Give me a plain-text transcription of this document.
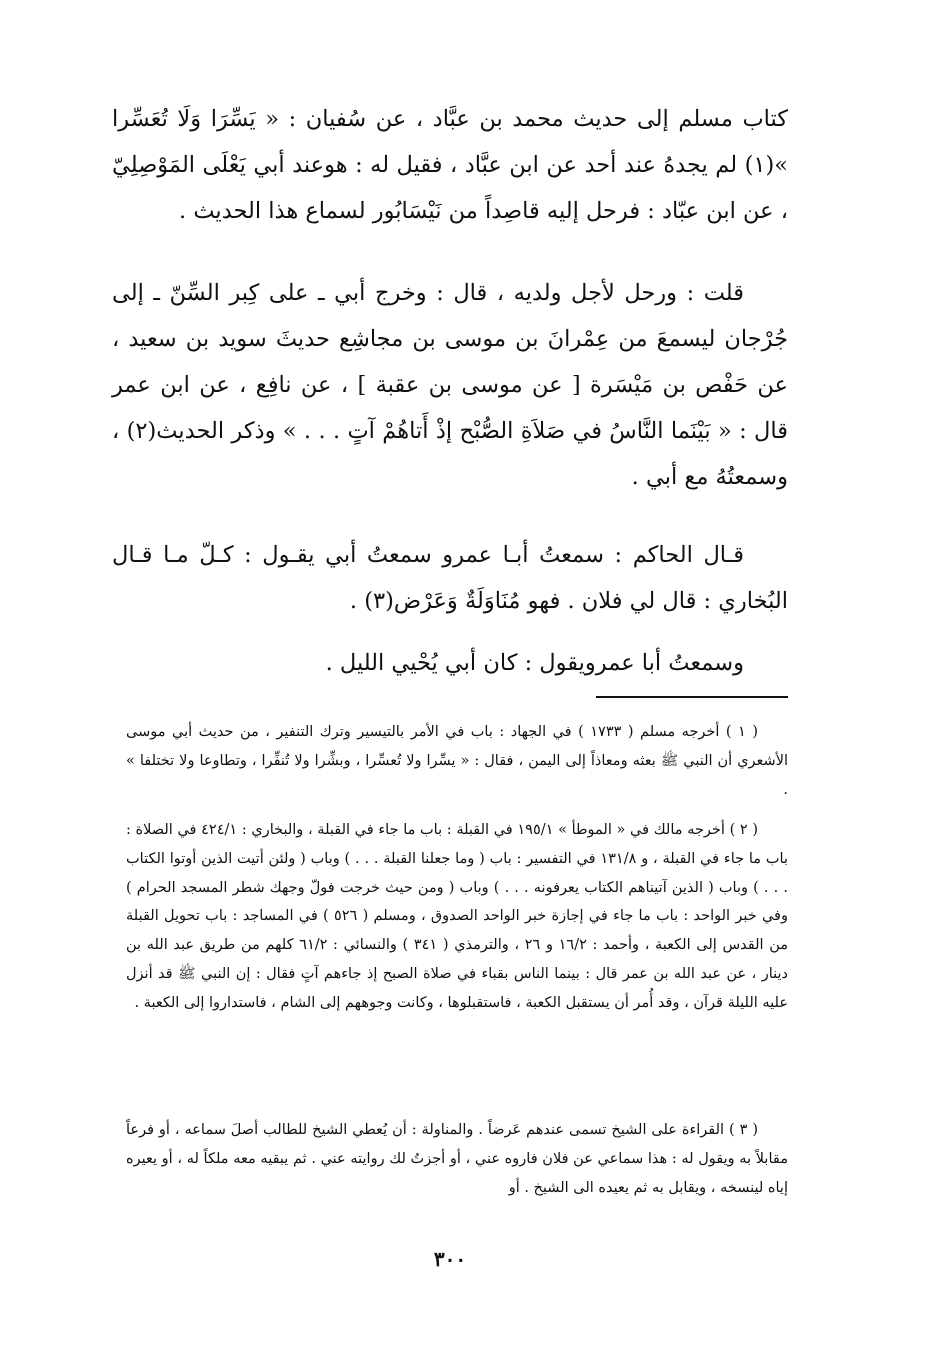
كتاب مسلم إلى حديث محمد بن عبَّاد ، عن سُفيان : « يَسِّرَا وَلَا تُعَسِّرا »(١) لم يجدهُ عند أحد عن ابن عبَّاد ، فقيل له : هوعند أبي يَعْلَى المَوْصِلِيّ ، عن ابن عبّاد : فرحل إليه قاصِداً من نَيْسَابُور لسماع هذا الحديث .

قلت : ورحل لأجل ولديه ، قال : وخرج أبي ـ على كِبر السِّنّ ـ إلى جُرْجان ليسمعَ من عِمْرانَ بن موسى بن مجاشِع حديثَ سويد بن سعيد ، عن حَفْص بن مَيْسَرة [ عن موسى بن عقبة ] ، عن نافِع ، عن ابن عمر قال : « بَيْنَما النَّاسُ في صَلاَةِ الصُّبْح إذْ أَتاهُمْ آتٍ . . . » وذكر الحديث(٢) ، وسمعتُهُ مع أبي .

قـال الحاكم : سمعتُ أبـا عمرو سمعتُ أبي يقـول : كـلّ مـا قـال البُخاري : قال لي فلان . فهو مُنَاوَلَةٌ وَعَرْض(٣) .

وسمعتُ أبا عمرويقول : كان أبي يُحْيي الليل .

( ١ ) أخرجه مسلم ( ١٧٣٣ ) في الجهاد : باب في الأمر بالتيسير وترك التنفير ، من حديث أبي موسى الأشعري أن النبي ﷺ بعثه ومعاذاً إلى اليمن ، فقال : « يسِّرا ولا تُعسِّرا ، وبشِّرا ولا تُنفِّرا ، وتطاوعا ولا تختلفا » .

( ٢ ) أخرجه مالك في « الموطأ » ١٩٥/١ في القبلة : باب ما جاء في القبلة ، والبخاري : ٤٢٤/١ في الصلاة : باب ما جاء في القبلة ، و ١٣١/٨ في التفسير : باب ( وما جعلنا القبلة . . . ) وباب ( ولئن أتيت الذين أوتوا الكتاب . . . ) وباب ( الذين آتيناهم الكتاب يعرفونه . . . ) وباب ( ومن حيث خرجت فولّ وجهك شطر المسجد الحرام ) وفي خبر الواحد : باب ما جاء في إجازة خبر الواحد الصدوق ، ومسلم ( ٥٢٦ ) في المساجد : باب تحويل القبلة من القدس إلى الكعبة ، وأحمد : ١٦/٢ و ٢٦ ، والترمذي ( ٣٤١ ) والنسائي : ٦١/٢ كلهم من طريق عبد الله بن دينار ، عن عبد الله بن عمر قال : بينما الناس بقباء في صلاة الصبح إذ جاءهم آتٍ فقال : إن النبي ﷺ قد أنزل عليه الليلة قرآن ، وقد أُمر أن يستقبل الكعبة ، فاستقبلوها ، وكانت وجوههم إلى الشام ، فاستداروا إلى الكعبة .

( ٣ ) القراءة على الشيخ تسمى عندهم عَرضاً . والمناولة : أن يُعطي الشيخ للطالب أصلَ سماعه ، أو فرعاً مقابلاً به ويقول له : هذا سماعي عن فلان فاروه عني ، أو أجزتُ لك روايته عني . ثم يبقيه معه ملكاً له ، أو يعيره إياه لينسخه ، ويقابل به ثم يعيده الى الشيخ . أو

٣٠٠
